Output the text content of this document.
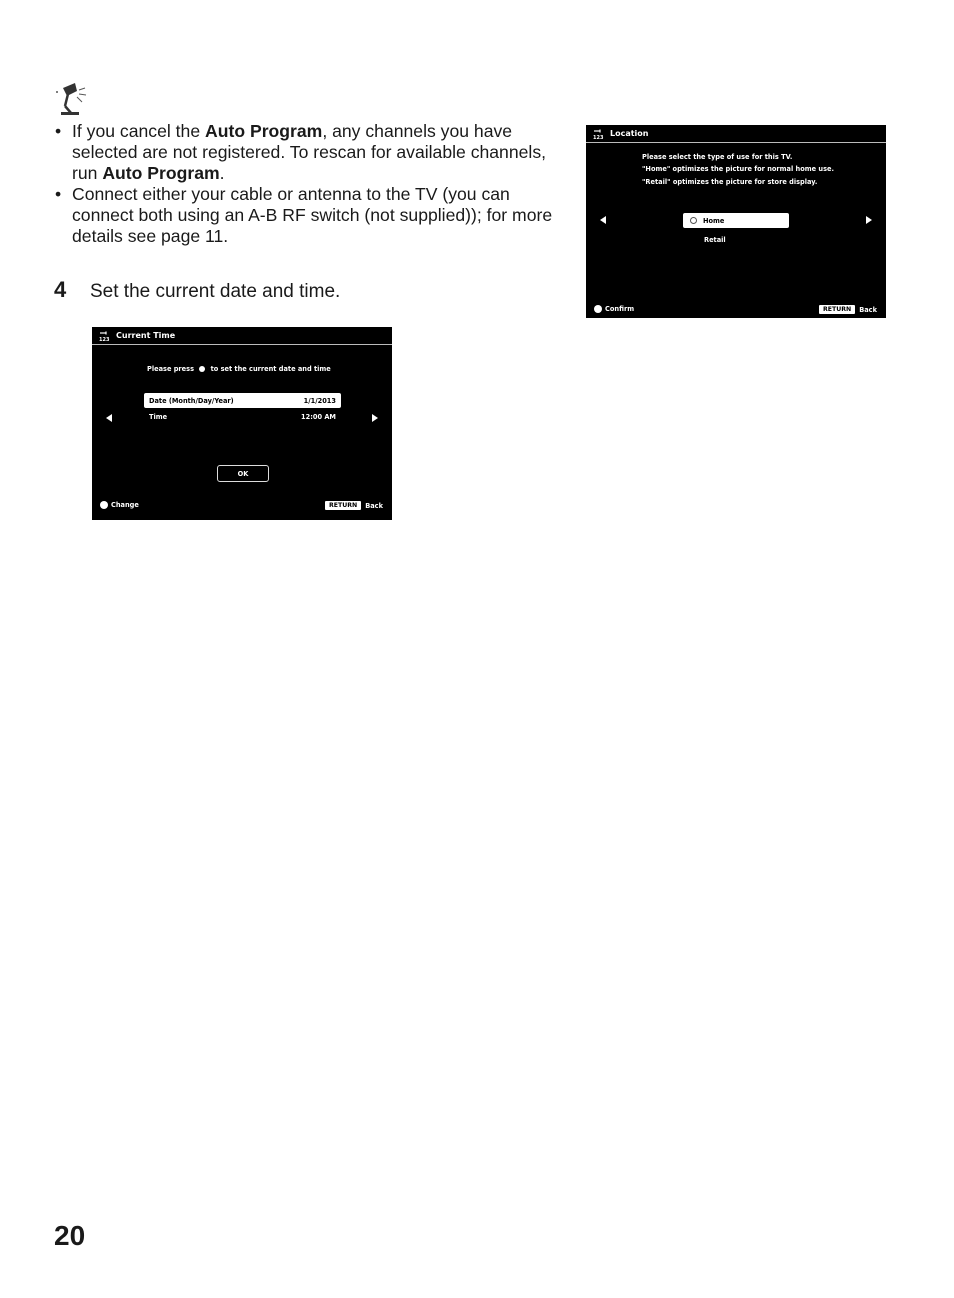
• If you cancel the Auto Program, any channels you have selected are not registered. To rescan for available channels, run Auto Program.
• Connect either your cable or antenna to the TV (you can connect both using an A-B RF switch (not supplied)); for more details see page 11.
4 Set the current date and time.
123 Current Time
Please press	to set the current date and time
Date (Month/Day/Year)	1/1/2013
Time	12:00 AM
OK
Change	RETURN	Back
123 Location
Please select the type of use for this TV.
"Home" optimizes the picture for normal home use.
"Retail" optimizes the picture for store display.
Home
Retail
Confirm	RETURN	Back
20
